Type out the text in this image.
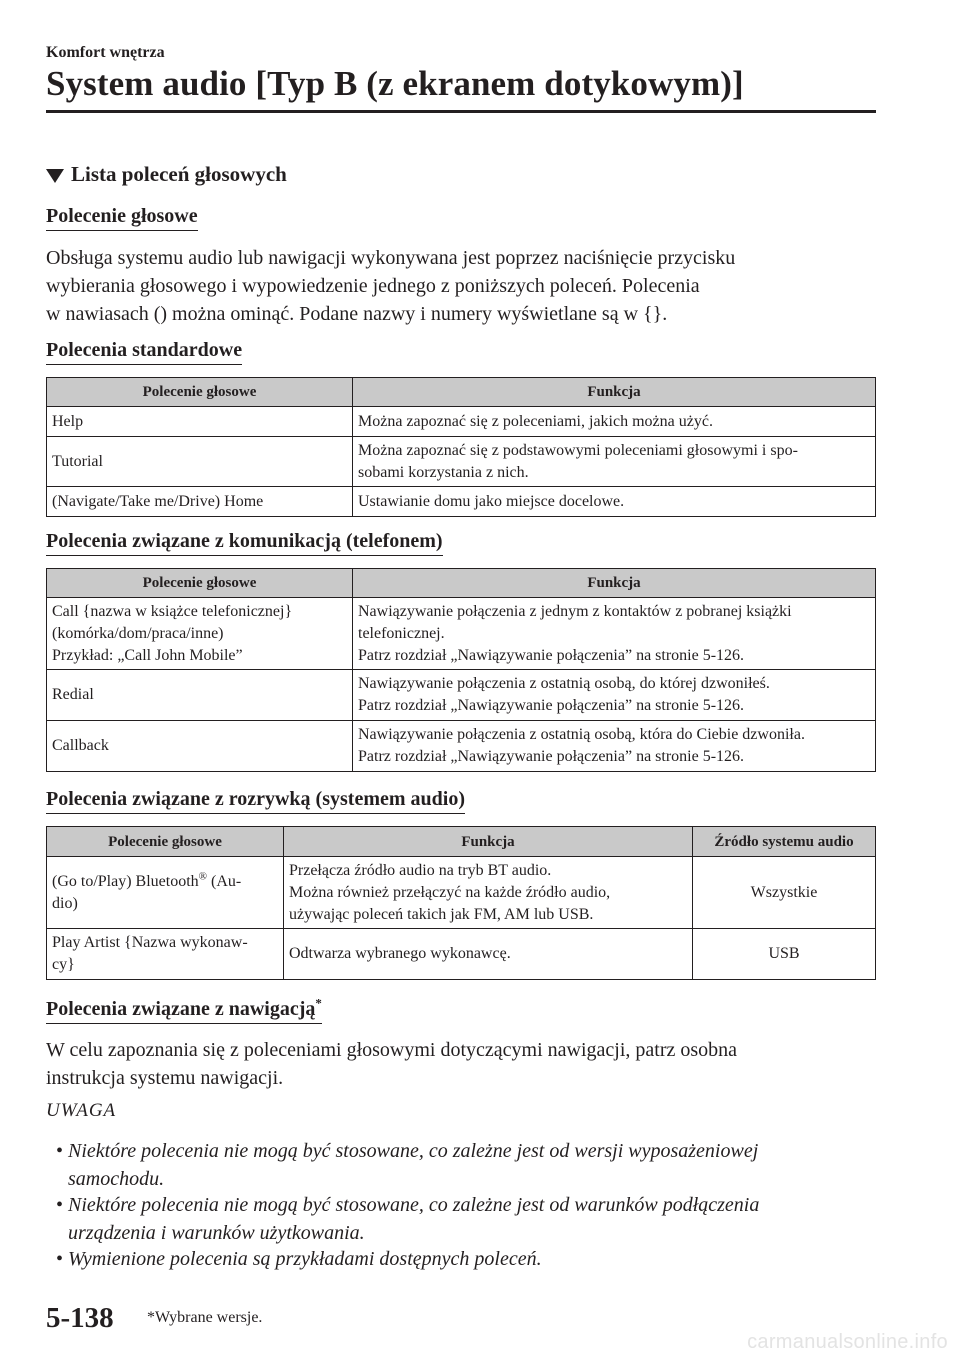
Komfort wnętrza
System audio [Typ B (z ekranem dotykowym)]
Lista poleceń głosowych
Polecenie głosowe
Obsługa systemu audio lub nawigacji wykonywana jest poprzez naciśnięcie przycisku
wybierania głosowego i wypowiedzenie jednego z poniższych poleceń. Polecenia
w nawiasach () można ominąć. Podane nazwy i numery wyświetlane są w {}.
Polecenia standardowe
Polecenie głosowe	Funkcja

Help	Można zapoznać się z poleceniami, jakich można użyć.

Tutorial	Można zapoznać się z podstawowymi poleceniami głosowymi i spo-
sobami korzystania z nich.

(Navigate/Take me/Drive) Home	Ustawianie domu jako miejsce docelowe.
Polecenia związane z komunikacją (telefonem)
Polecenie głosowe	Funkcja

Call {nazwa w książce telefonicznej}
(komórka/dom/praca/inne)
Przykład: „Call John Mobile”	Nawiązywanie połączenia z jednym z kontaktów z pobranej książki
telefonicznej.
Patrz rozdział „Nawiązywanie połączenia” na stronie 5-126.

Redial	Nawiązywanie połączenia z ostatnią osobą, do której dzwoniłeś.
Patrz rozdział „Nawiązywanie połączenia” na stronie 5-126.

Callback	Nawiązywanie połączenia z ostatnią osobą, która do Ciebie dzwoniła.
Patrz rozdział „Nawiązywanie połączenia” na stronie 5-126.
Polecenia związane z rozrywką (systemem audio)
Polecenie głosowe	Funkcja	Źródło systemu audio

(Go to/Play) Bluetooth® (Au-
dio)	Przełącza źródło audio na tryb BT audio.
Można również przełączyć na każde źródło audio,
używając poleceń takich jak FM, AM lub USB.	Wszystkie

Play Artist {Nazwa wykonaw-
cy}	Odtwarza wybranego wykonawcę.	USB
Polecenia związane z nawigacją*
W celu zapoznania się z poleceniami głosowymi dotyczącymi nawigacji, patrz osobna
instrukcja systemu nawigacji.
UWAGA
• Niektóre polecenia nie mogą być stosowane, co zależne jest od wersji wyposażeniowej
samochodu.
• Niektóre polecenia nie mogą być stosowane, co zależne jest od warunków podłączenia
urządzenia i warunków użytkowania.
• Wymienione polecenia są przykładami dostępnych poleceń.
5-138 *Wybrane wersje.
carmanualsonline.info
